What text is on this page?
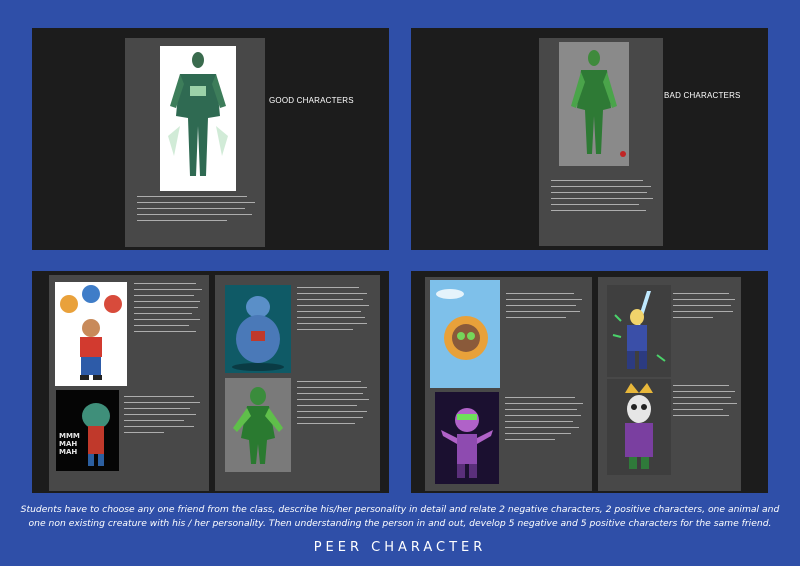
GOOD CHARACTERS
BAD CHARACTERS
MMM MAH MAH
Students have to choose any one friend from the class, describe his/her personality in detail and relate 2 negative characters, 2 positive characters, one animal and one non existing creature with his / her personality. Then understanding the person in and out, develop 5 negative and 5 positive characters for the same friend.
PEER CHARACTER
